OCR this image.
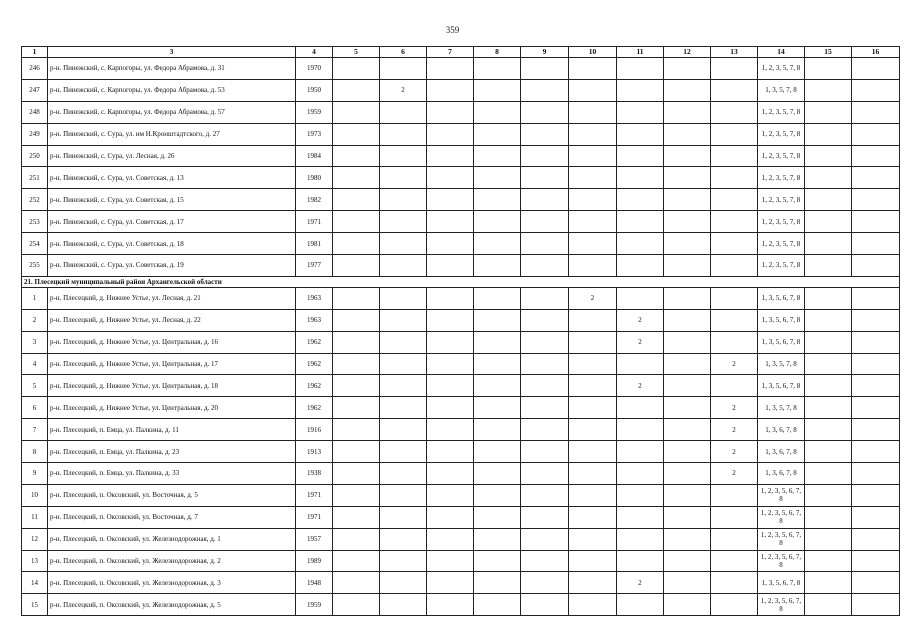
359
1	3	4	5	6	7	8	9	10	11	12	13	14	15	16
246	р-н. Пинежский, с. Карпогоры, ул. Федора Абрамова, д. 31	1970										1, 2, 3, 5, 7, 8		
247	р-н. Пинежский, с. Карпогоры, ул. Федора Абрамова, д. 53	1950		2								1, 3, 5, 7, 8		
248	р-н. Пинежский, с. Карпогоры, ул. Федора Абрамова, д. 57	1959										1, 2, 3, 5, 7, 8		
249	р-н. Пинежский, с. Сура, ул. им Н.Кронштадтского, д. 27	1973										1, 2, 3, 5, 7, 8		
250	р-н. Пинежский, с. Сура, ул. Лесная, д. 26	1984										1, 2, 3, 5, 7, 8		
251	р-н. Пинежский, с. Сура, ул. Советская, д. 13	1980										1, 2, 3, 5, 7, 8		
252	р-н. Пинежский, с. Сура, ул. Советская, д. 15	1982										1, 2, 3, 5, 7, 8		
253	р-н. Пинежский, с. Сура, ул. Советская, д. 17	1971										1, 2, 3, 5, 7, 8		
254	р-н. Пинежский, с. Сура, ул. Советская, д. 18	1981										1, 2, 3, 5, 7, 8		
255	р-н. Пинежский, с. Сура, ул. Советская, д. 19	1977										1, 2, 3, 5, 7, 8		
21. Плесецкий муниципальный район Архангельской области														
1	р-н. Плесецкий, д. Нижнее Устье, ул. Лесная, д. 21	1963						2				1, 3, 5, 6, 7, 8		
2	р-н. Плесецкий, д. Нижнее Устье, ул. Лесная, д. 22	1963							2			1, 3, 5, 6, 7, 8		
3	р-н. Плесецкий, д. Нижнее Устье, ул. Центральная, д. 16	1962							2			1, 3, 5, 6, 7, 8		
4	р-н. Плесецкий, д. Нижнее Устье, ул. Центральная, д. 17	1962									2	1, 3, 5, 7, 8		
5	р-н. Плесецкий, д. Нижнее Устье, ул. Центральная, д. 18	1962							2			1, 3, 5, 6, 7, 8		
6	р-н. Плесецкий, д. Нижнее Устье, ул. Центральная, д. 20	1962									2	1, 3, 5, 7, 8		
7	р-н. Плесецкий, п. Емца, ул. Палкина, д. 11	1916									2	1, 3, 6, 7, 8		
8	р-н. Плесецкий, п. Емца, ул. Палкина, д. 23	1913									2	1, 3, 6, 7, 8		
9	р-н. Плесецкий, п. Емца, ул. Палкина, д. 33	1938									2	1, 3, 6, 7, 8		
10	р-н. Плесецкий, п. Оксовский, ул. Восточная, д. 5	1971										1, 2, 3, 5, 6, 7, 8		
11	р-н. Плесецкий, п. Оксовский, ул. Восточная, д. 7	1971										1, 2, 3, 5, 6, 7, 8		
12	р-н. Плесецкий, п. Оксовский, ул. Железнодорожная, д. 1	1957										1, 2, 3, 5, 6, 7, 8		
13	р-н. Плесецкий, п. Оксовский, ул. Железнодорожная, д. 2	1989										1, 2, 3, 5, 6, 7, 8		
14	р-н. Плесецкий, п. Оксовский, ул. Железнодорожная, д. 3	1948							2			1, 3, 5, 6, 7, 8		
15	р-н. Плесецкий, п. Оксовский, ул. Железнодорожная, д. 5	1959										1, 2, 3, 5, 6, 7, 8		
